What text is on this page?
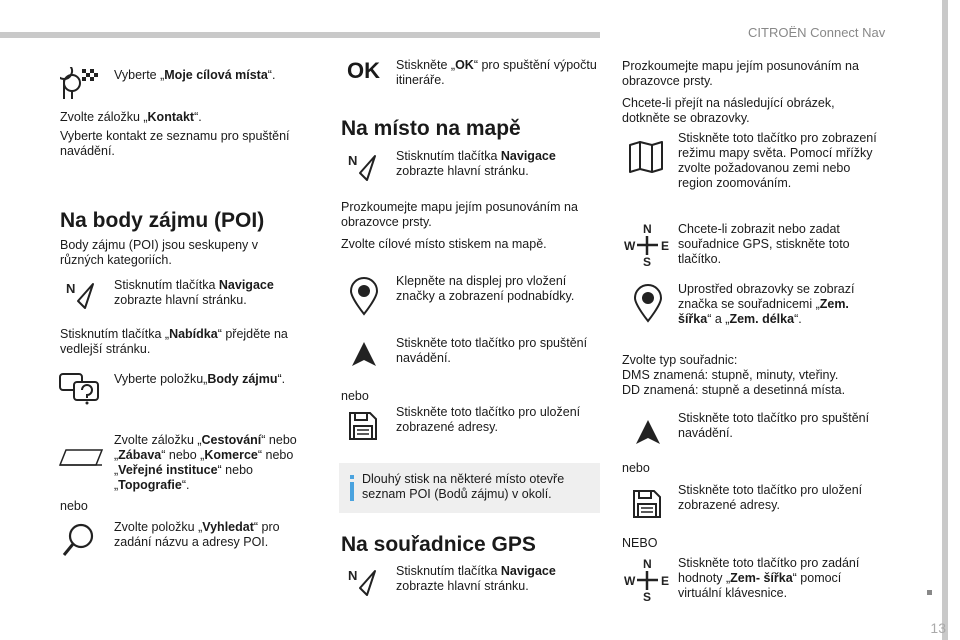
CITROËN Connect Nav
Vyberte „Moje cílová místa“.
Zvolte záložku „Kontakt“.
Vyberte kontakt ze seznamu pro spuštění navádění.
Na body zájmu (POI)
Body zájmu (POI) jsou seskupeny v různých kategoriích.
N	Stisknutím tlačítka Navigace zobrazte hlavní stránku.
Stisknutím tlačítka „Nabídka“ přejděte na vedlejší stránku.
Vyberte položku„Body zájmu“.
Zvolte záložku „Cestování“ nebo „Zábava“ nebo „Komerce“ nebo „Veřejné instituce“ nebo „Topografie“.
nebo
Zvolte položku „Vyhledat“ pro zadání názvu a adresy POI.
OK Stiskněte „OK“ pro spuštění výpočtu itineráře.
Na místo na mapě
N	Stisknutím tlačítka Navigace zobrazte hlavní stránku.
Prozkoumejte mapu jejím posunováním na obrazovce prsty.
Zvolte cílové místo stiskem na mapě.
Klepněte na displej pro vložení značky a zobrazení podnabídky.
Stiskněte toto tlačítko pro spuštění navádění.
nebo
Stiskněte toto tlačítko pro uložení zobrazené adresy.
Dlouhý stisk na některé místo otevře seznam POI (Bodů zájmu) v okolí.
Na souřadnice GPS
N	Stisknutím tlačítka Navigace zobrazte hlavní stránku.
Prozkoumejte mapu jejím posunováním na obrazovce prsty.
Chcete-li přejít na následující obrázek, dotkněte se obrazovky.
Stiskněte toto tlačítko pro zobrazení režimu mapy světa. Pomocí mřížky zvolte požadovanou zemi nebo region zoomováním.
N
S
W E
Chcete-li zobrazit nebo zadat souřadnice GPS, stiskněte toto tlačítko.
Uprostřed obrazovky se zobrazí značka se souřadnicemi „Zem. šířka“ a „Zem. délka“.
Zvolte typ souřadnic:
DMS znamená: stupně, minuty, vteřiny.
DD znamená: stupně a desetinná místa.
Stiskněte toto tlačítko pro spuštění navádění.
nebo
Stiskněte toto tlačítko pro uložení zobrazené adresy.
NEBO
N
S
W E
Stiskněte toto tlačítko pro zadání hodnoty „Zem- šířka“ pomocí virtuální klávesnice.
13
